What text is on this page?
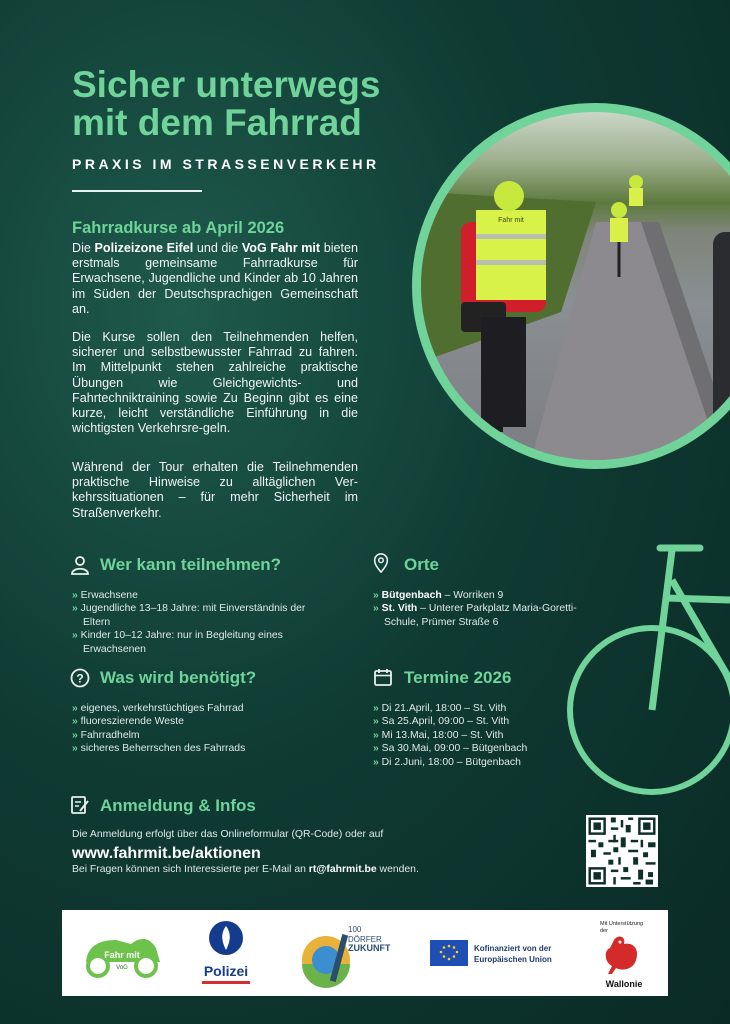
Sicher unterwegs
mit dem Fahrrad
PRAXIS IM STRASSENVERKEHR
Fahrradkurse ab April 2026
Die Polizeizone Eifel und die VoG Fahr mit bieten erstmals gemeinsame Fahrradkurse für Erwachsene, Jugendliche und Kinder ab 10 Jahren im Süden der Deutschsprachigen Gemeinschaft an.
Die Kurse sollen den Teilnehmenden helfen, sicherer und selbstbewusster Fahrrad zu fahren. Im Mittelpunkt stehen zahlreiche praktische Übungen wie Gleichgewichts- und Fahrtechniktraining sowie Zu Beginn gibt es eine kurze, leicht verständliche Einführung in die wichtigsten Verkehrsre-geln.
Während der Tour erhalten die Teilnehmenden praktische Hinweise zu alltäglichen Ver-kehrssituationen – für mehr Sicherheit im Straßenverkehr.
Fahr mit
Wer kann teilnehmen?
» Erwachsene
» Jugendliche 13–18 Jahre: mit Einverständnis der Eltern
» Kinder 10–12 Jahre: nur in Begleitung eines Erwachsenen
Orte
» Bütgenbach – Worriken 9
» St. Vith – Unterer Parkplatz Maria-Goretti-Schule, Prümer Straße 6
? Was wird benötigt?
» eigenes, verkehrstüchtiges Fahrrad
» fluoreszierende Weste
» Fahrradhelm
» sicheres Beherrschen des Fahrrads
Termine 2026
» Di 21.April, 18:00 – St. Vith
» Sa 25.April, 09:00 – St. Vith
» Mi 13.Mai, 18:00 – St. Vith
» Sa 30.Mai, 09:00 – Bütgenbach
» Di 2.Juni, 18:00 – Bütgenbach
Anmeldung & Infos
Die Anmeldung erfolgt über das Onlineformular (QR-Code) oder auf
www.fahrmit.be/aktionen
Bei Fragen können sich Interessierte per E-Mail an rt@fahrmit.be wenden.
Fahr mit
VoG	Polizei
100
DÖRFER
ZUKUNFT	Kofinanziert von der
Europäischen Union
Mit Unterstützung
der
Wallonie
